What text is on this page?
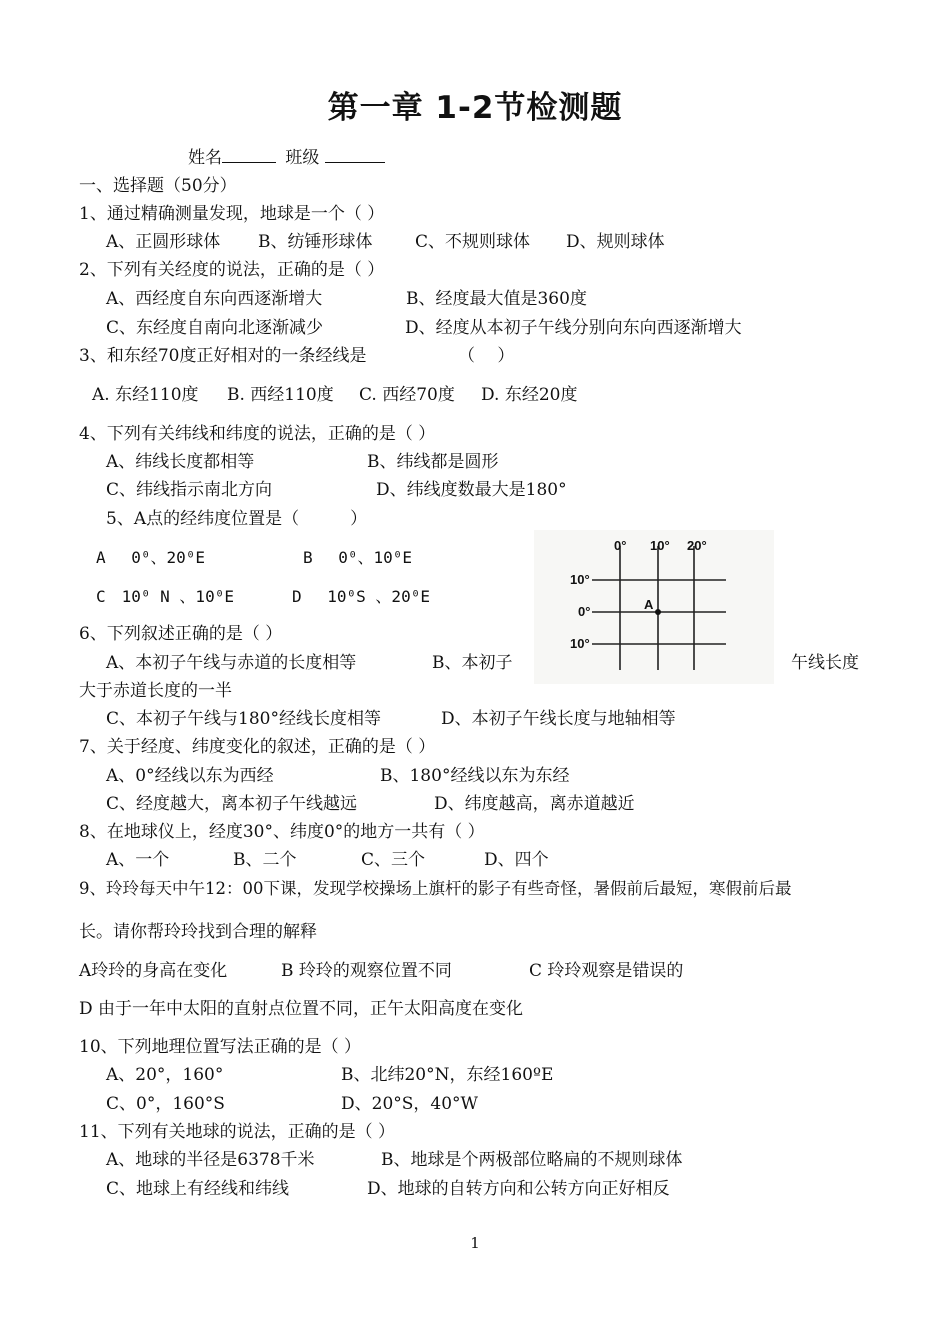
第一章 1-2节检测题
姓名	班级
一、选择题（50分）
1、通过精确测量发现，地球是一个（ ）
A、正圆形球体 B、纺锤形球体	C、不规则球体 D、规则球体
2、下列有关经度的说法，正确的是（ ）
A、西经度自东向西逐渐增大	B、经度最大值是360度
C、东经度自南向北逐渐减少	D、经度从本初子午线分别向东向西逐渐增大
3、和东经70度正好相对的一条经线是	（　 ）
A. 东经110度 B. 西经110度 C. 西经70度 D. 东经20度
4、下列有关纬线和纬度的说法，正确的是（ ）
A、纬线长度都相等	B、纬线都是圆形
C、纬线指示南北方向	D、纬线度数最大是180°
5、A点的经纬度位置是（　　　）
A　 0⁰、20⁰E	B　 0⁰、10⁰E
C　10⁰ N 、10⁰E	D　 10⁰S 、20⁰E
0° 10° 20°
10°
0°
10°
A
6、下列叙述正确的是（ ）
A、本初子午线与赤道的长度相等	B、本初子	午线长度
大于赤道长度的一半
C、本初子午线与180°经线长度相等	D、本初子午线长度与地轴相等
7、关于经度、纬度变化的叙述，正确的是（ ）
A、0°经线以东为西经	B、180°经线以东为东经
C、经度越大，离本初子午线越远	D、纬度越高，离赤道越近
8、在地球仪上，经度30°、纬度0°的地方一共有（ ）
A、一个	B、二个	C、三个	D、四个
9、玲玲每天中午12：00下课，发现学校操场上旗杆的影子有些奇怪，暑假前后最短，寒假前后最
长。请你帮玲玲找到合理的解释
A玲玲的身高在变化	B 玲玲的观察位置不同	C 玲玲观察是错误的
D 由于一年中太阳的直射点位置不同，正午太阳高度在变化
10、下列地理位置写法正确的是（ ）
A、20°，160°	B、北纬20°N，东经160ºE
C、0°，160°S	D、20°S，40°W
11、下列有关地球的说法，正确的是（ ）
A、地球的半径是6378千米	B、地球是个两极部位略扁的不规则球体
C、地球上有经线和纬线	D、地球的自转方向和公转方向正好相反
1
